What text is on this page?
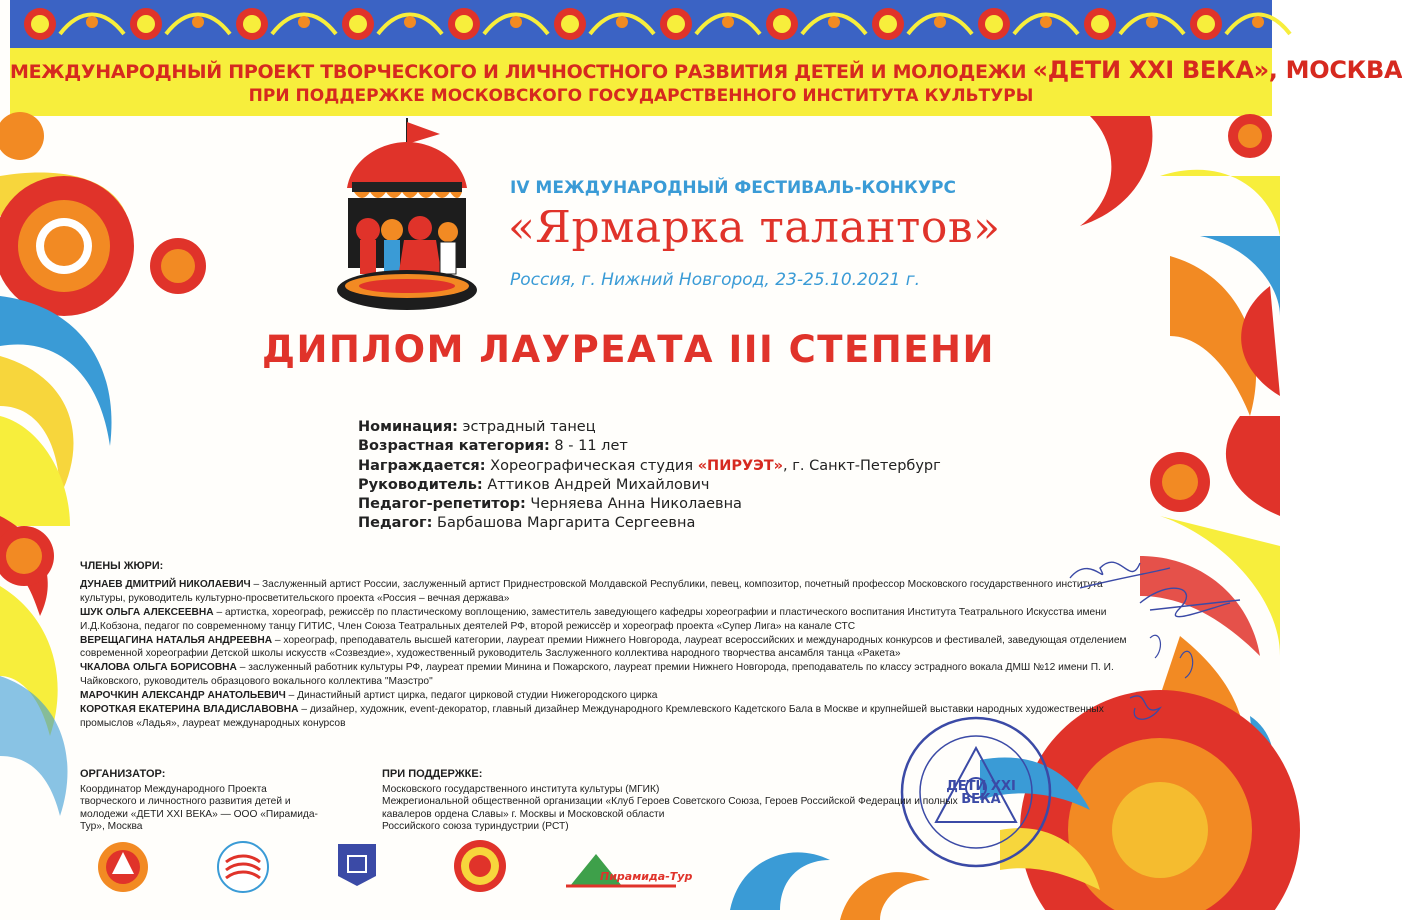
МЕЖДУНАРОДНЫЙ ПРОЕКТ ТВОРЧЕСКОГО И ЛИЧНОСТНОГО РАЗВИТИЯ ДЕТЕЙ И МОЛОДЕЖИ «ДЕТИ XXI ВЕКА», МОСКВА
ПРИ ПОДДЕРЖКЕ МОСКОВСКОГО ГОСУДАРСТВЕННОГО ИНСТИТУТА КУЛЬТУРЫ
IV МЕЖДУНАРОДНЫЙ ФЕСТИВАЛЬ-КОНКУРС
«Ярмарка талантов»
Россия, г. Нижний Новгород, 23-25.10.2021 г.
ДИПЛОМ ЛАУРЕАТА III СТЕПЕНИ
Номинация: эстрадный танец
Возрастная категория: 8 - 11 лет
Награждается: Хореографическая студия «ПИРУЭТ», г. Санкт-Петербург
Руководитель: Аттиков Андрей Михайлович
Педагог-репетитор: Черняева Анна Николаевна
Педагог: Барбашова Маргарита Сергеевна
ЧЛЕНЫ ЖЮРИ:
ДУНАЕВ ДМИТРИЙ НИКОЛАЕВИЧ – Заслуженный артист России, заслуженный артист Приднестровской Молдавской Республики, певец, композитор, почетный профессор Московского государственного института культуры, руководитель культурно-просветительского проекта «Россия – вечная держава»
ШУК ОЛЬГА АЛЕКСЕЕВНА – артистка, хореограф, режиссёр по пластическому воплощению, заместитель заведующего кафедры хореографии и пластического воспитания Института Театрального Искусства имени И.Д.Кобзона, педагог по современному танцу ГИТИС, Член Союза Театральных деятелей РФ, второй режиссёр и хореограф проекта «Супер Лига» на канале СТС
ВЕРЕЩАГИНА НАТАЛЬЯ АНДРЕЕВНА – хореограф, преподаватель высшей категории, лауреат премии Нижнего Новгорода, лауреат всероссийских и международных конкурсов и фестивалей, заведующая отделением современной хореографии Детской школы искусств «Созвездие», художественный руководитель Заслуженного коллектива народного творчества ансамбля танца «Ракета»
ЧКАЛОВА ОЛЬГА БОРИСОВНА – заслуженный работник культуры РФ, лауреат премии Минина и Пожарского, лауреат премии Нижнего Новгорода, преподаватель по классу эстрадного вокала ДМШ №12 имени П. И. Чайковского, руководитель образцового вокального коллектива "Маэстро"
МАРОЧКИН АЛЕКСАНДР АНАТОЛЬЕВИЧ – Династийный артист цирка, педагог цирковой студии Нижегородского цирка
КОРОТКАЯ ЕКАТЕРИНА ВЛАДИСЛАВОВНА – дизайнер, художник, event-декоратор, главный дизайнер Международного Кремлевского Кадетского Бала в Москве и крупнейшей выставки народных художественных промыслов «Ладья», лауреат международных конурсов
ДЕТИ XXI ВЕКА
ОРГАНИЗАТОР:
Координатор Международного Проекта творческого и личностного развития детей и молодежи «ДЕТИ XXI ВЕКА» — ООО «Пирамида-Тур», Москва
ПРИ ПОДДЕРЖКЕ:
Московского государственного института культуры (МГИК)
Межрегиональной общественной организации «Клуб Героев Советского Союза, Героев Российской Федерации и полных кавалеров ордена Славы» г. Москвы и Московской области
Российского союза туриндустрии (РСТ)
Пирамида-Тур
